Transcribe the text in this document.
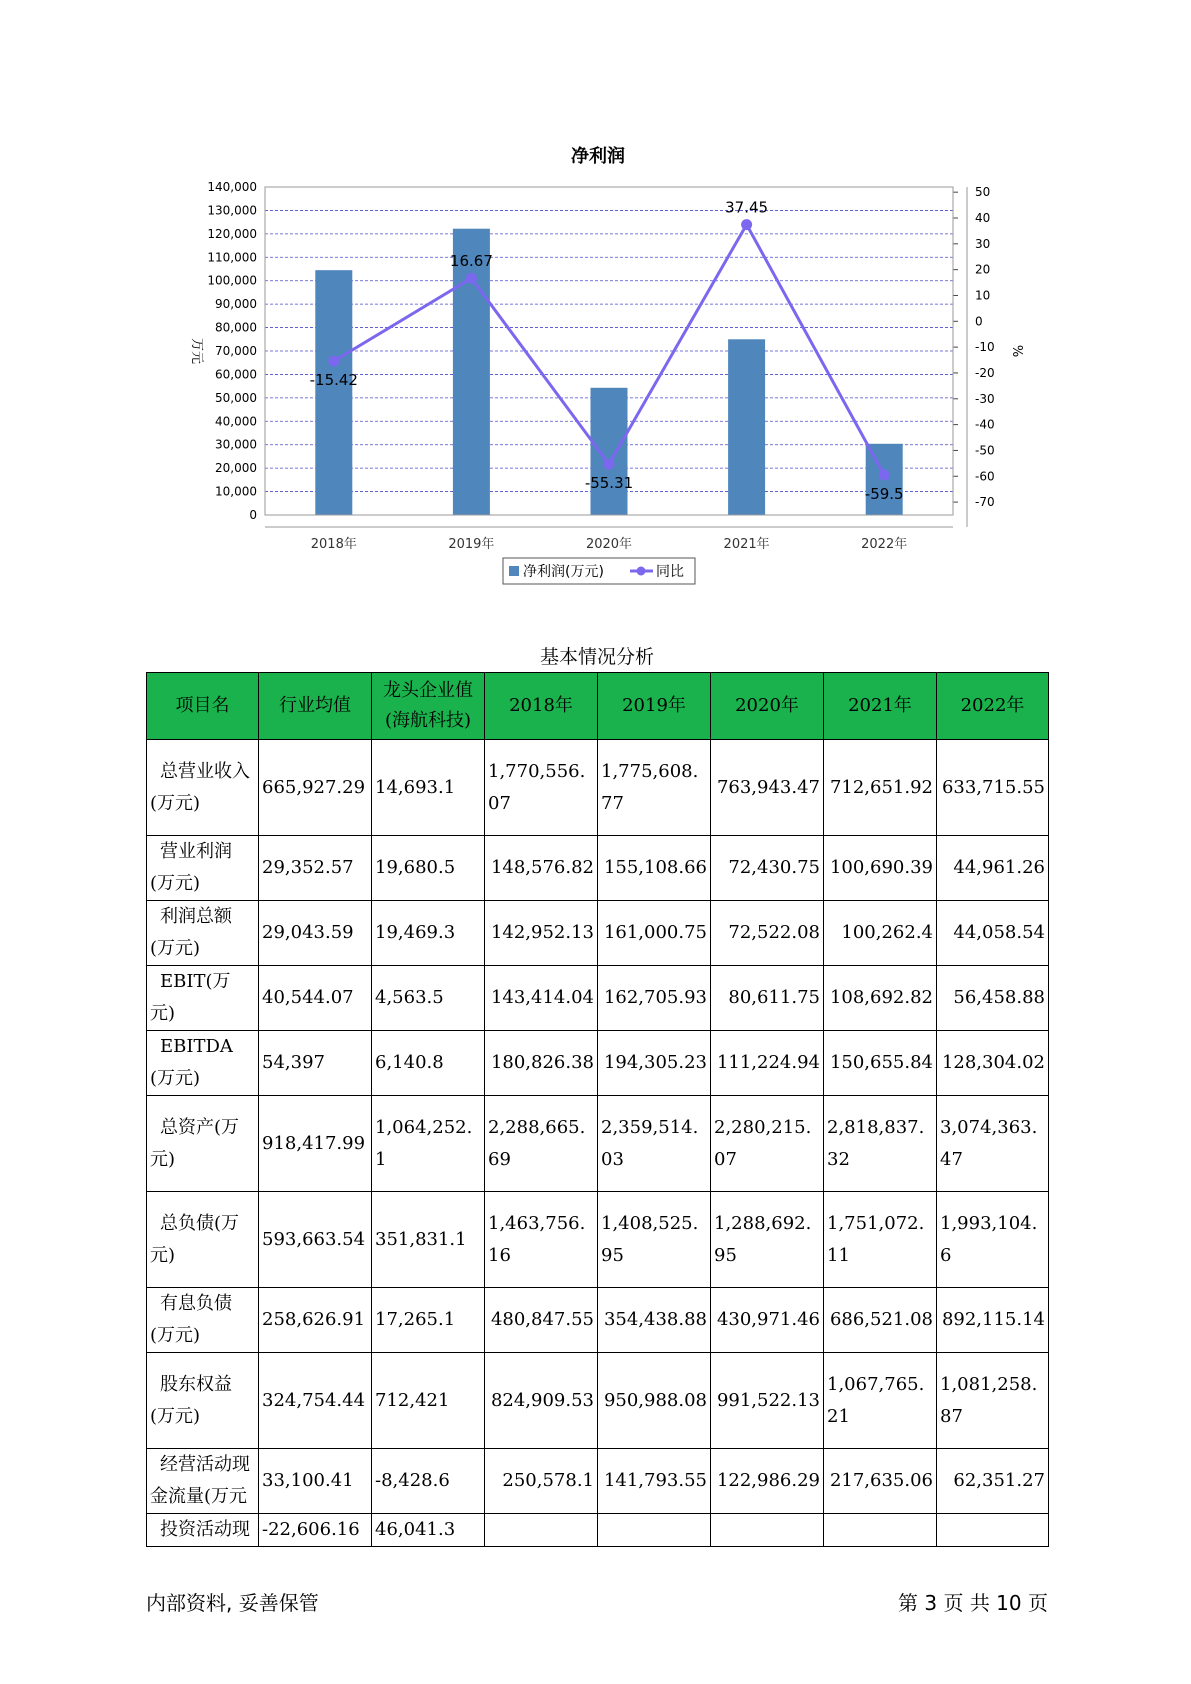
净利润
-15.42
16.67
-55.31
37.45
-59.5
0
10,000
20,000
30,000
40,000
50,000
60,000
70,000
80,000
90,000
100,000
110,000
120,000
130,000
140,000	50
40
30
20
10
0
-10
-20
-30
-40
-50
-60
-70
万元	%
2018年	2019年	2020年	2021年	2022年
净利润(万元)	同比
基本情况分析
项目名	行业均值	龙头企业值(海航科技)	2018年	2019年	2020年	2021年	2022年
总营业收入(万元)	665,927.29	14,693.1	1,770,556.07	1,775,608.77	763,943.47	712,651.92	633,715.55
营业利润(万元)	29,352.57	19,680.5	148,576.82	155,108.66	72,430.75	100,690.39	44,961.26
利润总额(万元)	29,043.59	19,469.3	142,952.13	161,000.75	72,522.08	100,262.4	44,058.54
EBIT(万元)	40,544.07	4,563.5	143,414.04	162,705.93	80,611.75	108,692.82	56,458.88
EBITDA(万元)	54,397	6,140.8	180,826.38	194,305.23	111,224.94	150,655.84	128,304.02
总资产(万元)	918,417.99	1,064,252.1	2,288,665.69	2,359,514.03	2,280,215.07	2,818,837.32	3,074,363.47
总负债(万元)	593,663.54	351,831.1	1,463,756.16	1,408,525.95	1,288,692.95	1,751,072.11	1,993,104.6
有息负债(万元)	258,626.91	17,265.1	480,847.55	354,438.88	430,971.46	686,521.08	892,115.14
股东权益(万元)	324,754.44	712,421	824,909.53	950,988.08	991,522.13	1,067,765.21	1,081,258.87
经营活动现金流量(万元	33,100.41	-8,428.6	250,578.1	141,793.55	122,986.29	217,635.06	62,351.27
投资活动现	-22,606.16	46,041.3					
内部资料, 妥善保管	第 3 页 共 10 页
